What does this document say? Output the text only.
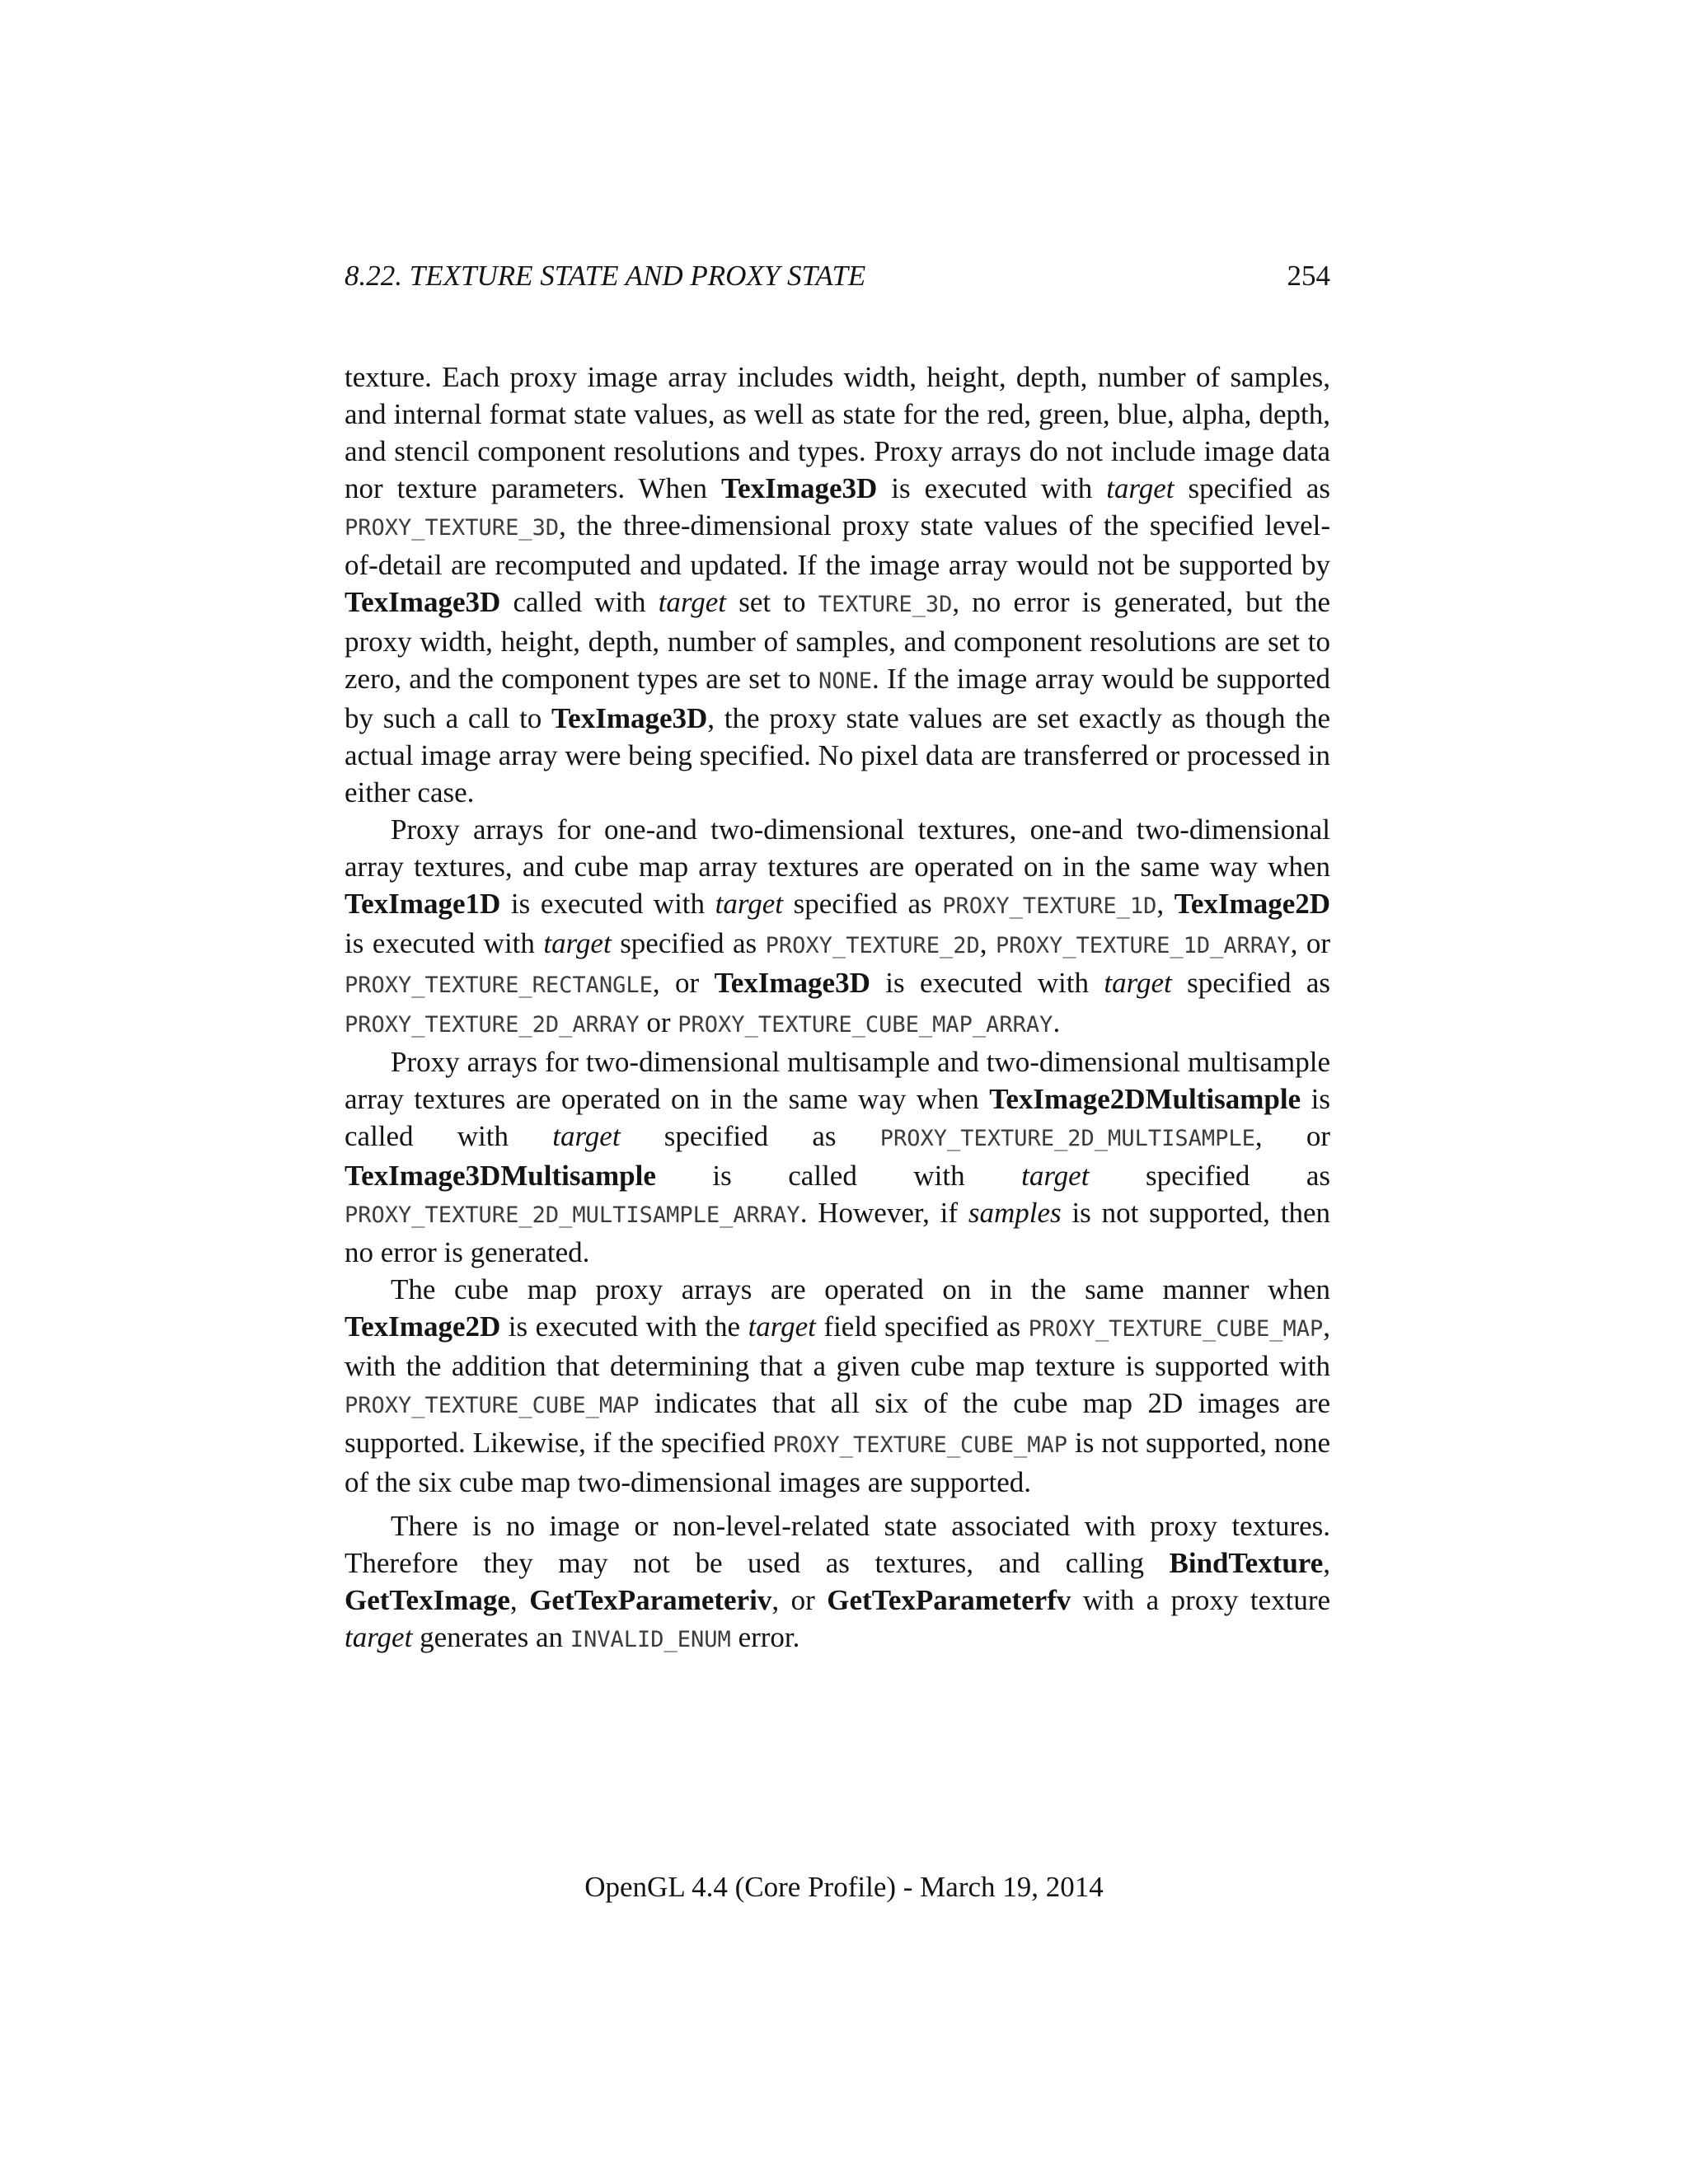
8.22. TEXTURE STATE AND PROXY STATE	254

texture. Each proxy image array includes width, height, depth, number of samples, and internal format state values, as well as state for the red, green, blue, alpha, depth, and stencil component resolutions and types. Proxy arrays do not include image data nor texture parameters. When TexImage3D is executed with target specified as PROXY_TEXTURE_3D, the three-dimensional proxy state values of the specified level-of-detail are recomputed and updated. If the image array would not be supported by TexImage3D called with target set to TEXTURE_3D, no error is generated, but the proxy width, height, depth, number of samples, and component resolutions are set to zero, and the component types are set to NONE. If the image array would be supported by such a call to TexImage3D, the proxy state values are set exactly as though the actual image array were being specified. No pixel data are transferred or processed in either case.

Proxy arrays for one-and two-dimensional textures, one-and two-dimensional array textures, and cube map array textures are operated on in the same way when TexImage1D is executed with target specified as PROXY_TEXTURE_1D, TexImage2D is executed with target specified as PROXY_TEXTURE_2D, PROXY_TEXTURE_1D_ARRAY, or PROXY_TEXTURE_RECTANGLE, or TexImage3D is executed with target specified as PROXY_TEXTURE_2D_ARRAY or PROXY_TEXTURE_CUBE_MAP_ARRAY.

Proxy arrays for two-dimensional multisample and two-dimensional multisample array textures are operated on in the same way when TexImage2DMultisample is called with target specified as PROXY_TEXTURE_2D_MULTISAMPLE, or TexImage3DMultisample is called with target specified as PROXY_TEXTURE_2D_MULTISAMPLE_ARRAY. However, if samples is not supported, then no error is generated.

The cube map proxy arrays are operated on in the same manner when TexImage2D is executed with the target field specified as PROXY_TEXTURE_CUBE_MAP, with the addition that determining that a given cube map texture is supported with PROXY_TEXTURE_CUBE_MAP indicates that all six of the cube map 2D images are supported. Likewise, if the specified PROXY_TEXTURE_CUBE_MAP is not supported, none of the six cube map two-dimensional images are supported.

There is no image or non-level-related state associated with proxy textures. Therefore they may not be used as textures, and calling BindTexture, GetTexImage, GetTexParameteriv, or GetTexParameterfv with a proxy texture target generates an INVALID_ENUM error.

OpenGL 4.4 (Core Profile) - March 19, 2014
